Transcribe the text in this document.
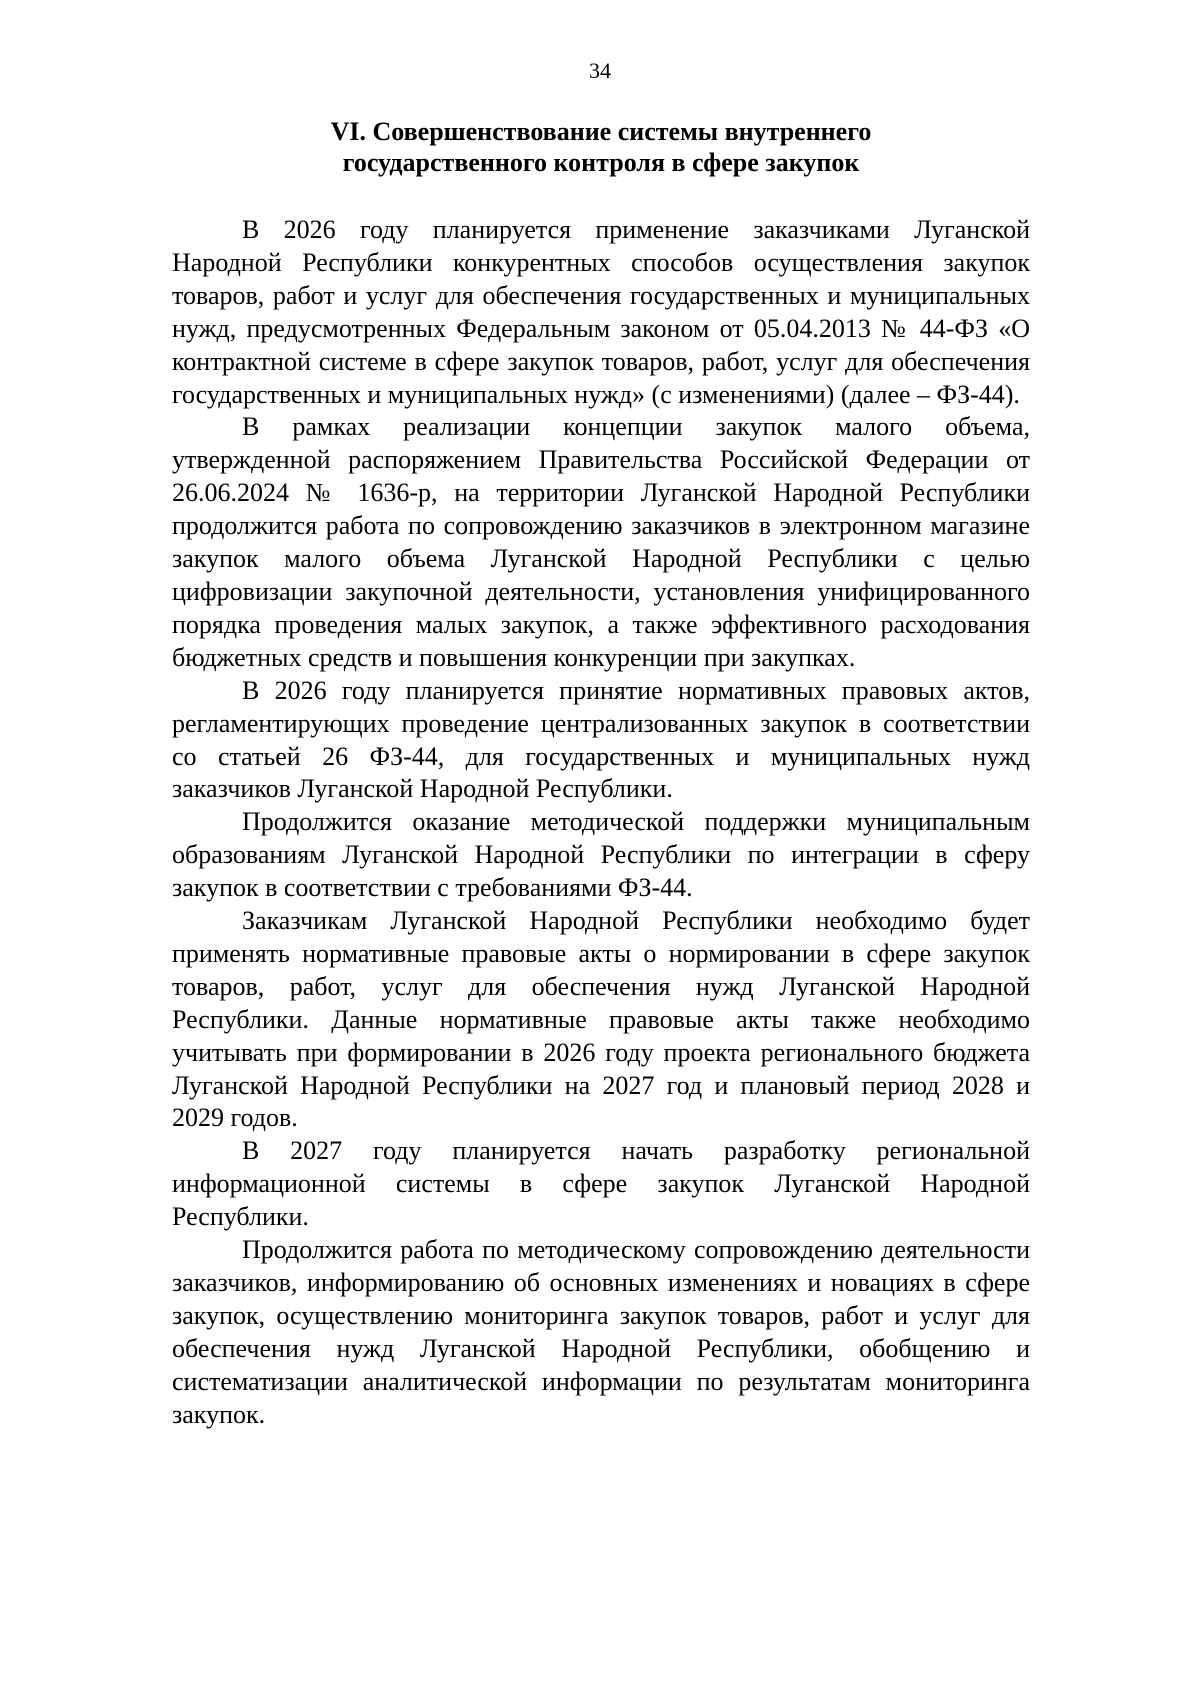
34
VI. Совершенствование системы внутреннего
государственного контроля в сфере закупок

В 2026 году планируется применение заказчиками Луганской Народной Республики конкурентных способов осуществления закупок товаров, работ и услуг для обеспечения государственных и муниципальных нужд, предусмотренных Федеральным законом от 05.04.2013 № 44-ФЗ «О контрактной системе в сфере закупок товаров, работ, услуг для обеспечения государственных и муниципальных нужд» (с изменениями) (далее – ФЗ-44).

В рамках реализации концепции закупок малого объема, утвержденной распоряжением Правительства Российской Федерации от 26.06.2024 № 1636-р, на территории Луганской Народной Республики продолжится работа по сопровождению заказчиков в электронном магазине закупок малого объема Луганской Народной Республики с целью цифровизации закупочной деятельности, установления унифицированного порядка проведения малых закупок, а также эффективного расходования бюджетных средств и повышения конкуренции при закупках.

В 2026 году планируется принятие нормативных правовых актов, регламентирующих проведение централизованных закупок в соответствии со статьей 26 ФЗ-44, для государственных и муниципальных нужд заказчиков Луганской Народной Республики.

Продолжится оказание методической поддержки муниципальным образованиям Луганской Народной Республики по интеграции в сферу закупок в соответствии с требованиями ФЗ-44.

Заказчикам Луганской Народной Республики необходимо будет применять нормативные правовые акты о нормировании в сфере закупок товаров, работ, услуг для обеспечения нужд Луганской Народной Республики. Данные нормативные правовые акты также необходимо учитывать при формировании в 2026 году проекта регионального бюджета Луганской Народной Республики на 2027 год и плановый период 2028 и 2029 годов.

В 2027 году планируется начать разработку региональной информационной системы в сфере закупок Луганской Народной Республики.

Продолжится работа по методическому сопровождению деятельности заказчиков, информированию об основных изменениях и новациях в сфере закупок, осуществлению мониторинга закупок товаров, работ и услуг для обеспечения нужд Луганской Народной Республики, обобщению и систематизации аналитической информации по результатам мониторинга закупок.
